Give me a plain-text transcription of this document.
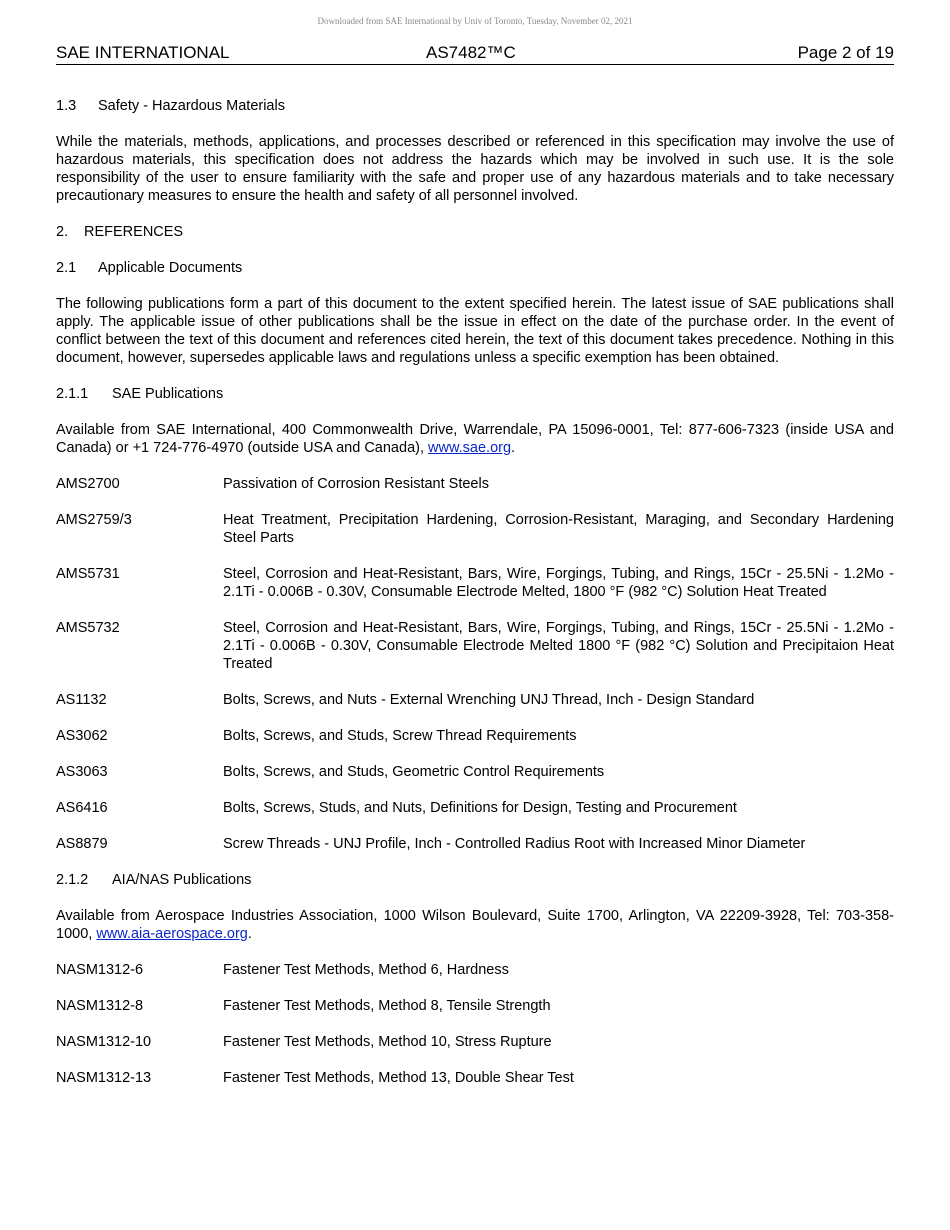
Downloaded from SAE International by Univ of Toronto, Tuesday, November 02, 2021
SAE INTERNATIONAL	AS7482™C	Page 2 of 19
1.3 Safety - Hazardous Materials
While the materials, methods, applications, and processes described or referenced in this specification may involve the use of hazardous materials, this specification does not address the hazards which may be involved in such use. It is the sole responsibility of the user to ensure familiarity with the safe and proper use of any hazardous materials and to take necessary precautionary measures to ensure the health and safety of all personnel involved.
2. REFERENCES
2.1 Applicable Documents
The following publications form a part of this document to the extent specified herein. The latest issue of SAE publications shall apply. The applicable issue of other publications shall be the issue in effect on the date of the purchase order. In the event of conflict between the text of this document and references cited herein, the text of this document takes precedence. Nothing in this document, however, supersedes applicable laws and regulations unless a specific exemption has been obtained.
2.1.1 SAE Publications
Available from SAE International, 400 Commonwealth Drive, Warrendale, PA 15096-0001, Tel: 877-606-7323 (inside USA and Canada) or +1 724-776-4970 (outside USA and Canada), www.sae.org.
AMS2700	Passivation of Corrosion Resistant Steels
AMS2759/3	Heat Treatment, Precipitation Hardening, Corrosion-Resistant, Maraging, and Secondary Hardening Steel Parts
AMS5731	Steel, Corrosion and Heat-Resistant, Bars, Wire, Forgings, Tubing, and Rings, 15Cr - 25.5Ni - 1.2Mo - 2.1Ti - 0.006B - 0.30V, Consumable Electrode Melted, 1800 °F (982 °C) Solution Heat Treated
AMS5732	Steel, Corrosion and Heat-Resistant, Bars, Wire, Forgings, Tubing, and Rings, 15Cr - 25.5Ni - 1.2Mo - 2.1Ti - 0.006B - 0.30V, Consumable Electrode Melted 1800 °F (982 °C) Solution and Precipitaion Heat Treated
AS1132	Bolts, Screws, and Nuts - External Wrenching UNJ Thread, Inch - Design Standard
AS3062	Bolts, Screws, and Studs, Screw Thread Requirements
AS3063	Bolts, Screws, and Studs, Geometric Control Requirements
AS6416	Bolts, Screws, Studs, and Nuts, Definitions for Design, Testing and Procurement
AS8879	Screw Threads - UNJ Profile, Inch - Controlled Radius Root with Increased Minor Diameter
2.1.2 AIA/NAS Publications
Available from Aerospace Industries Association, 1000 Wilson Boulevard, Suite 1700, Arlington, VA 22209-3928, Tel: 703-358-1000, www.aia-aerospace.org.
NASM1312-6	Fastener Test Methods, Method 6, Hardness
NASM1312-8	Fastener Test Methods, Method 8, Tensile Strength
NASM1312-10	Fastener Test Methods, Method 10, Stress Rupture
NASM1312-13	Fastener Test Methods, Method 13, Double Shear Test
